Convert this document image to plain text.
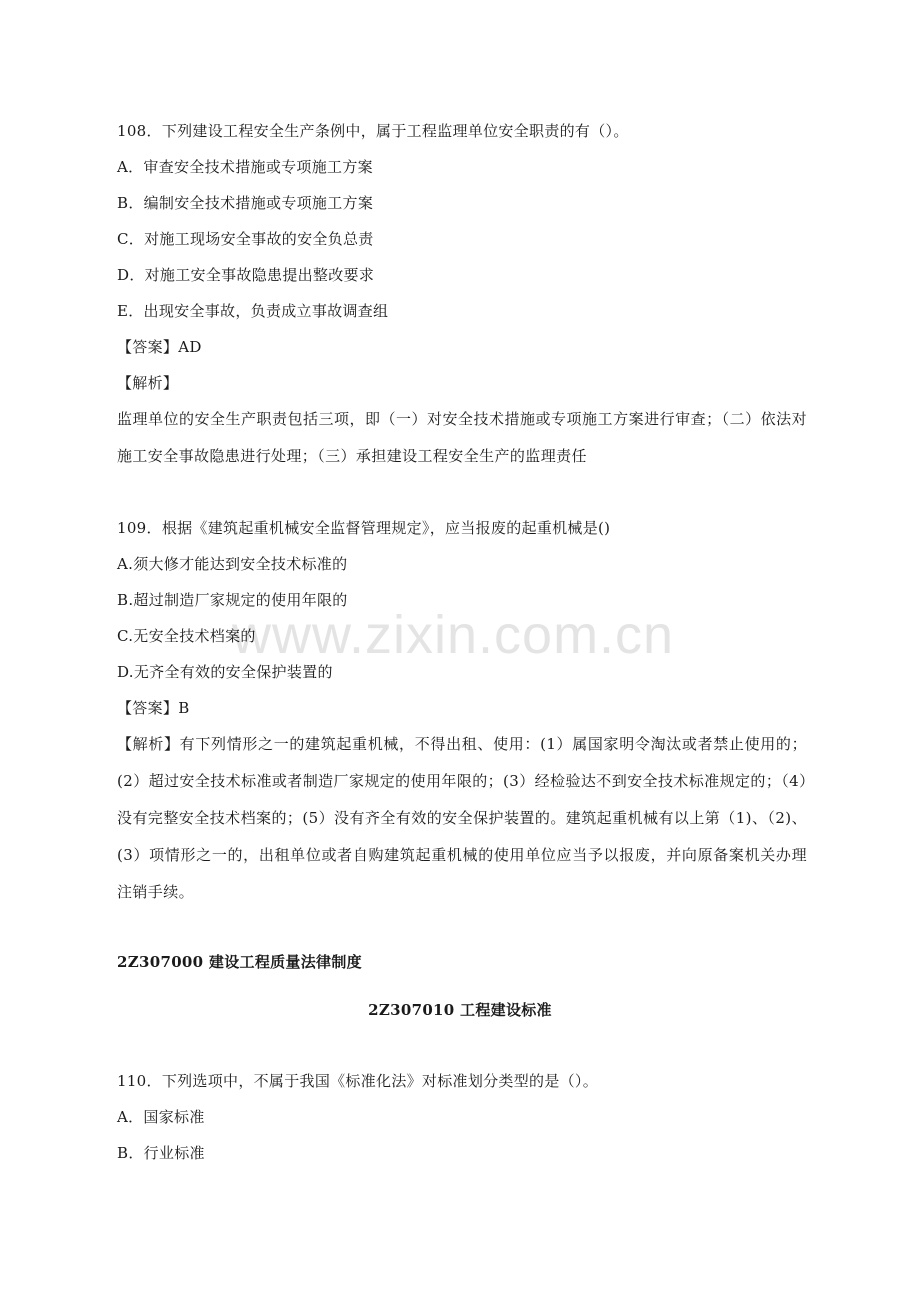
www.zixin.com.cn
108．下列建设工程安全生产条例中，属于工程监理单位安全职责的有（）。
A．审查安全技术措施或专项施工方案
B．编制安全技术措施或专项施工方案
C．对施工现场安全事故的安全负总责
D．对施工安全事故隐患提出整改要求
E．出现安全事故，负责成立事故调查组
【答案】AD
【解析】
监理单位的安全生产职责包括三项，即（一）对安全技术措施或专项施工方案进行审查；（二）依法对施工安全事故隐患进行处理；（三）承担建设工程安全生产的监理责任
109．根据《建筑起重机械安全监督管理规定》，应当报废的起重机械是()
A.须大修才能达到安全技术标准的
B.超过制造厂家规定的使用年限的
C.无安全技术档案的
D.无齐全有效的安全保护装置的
【答案】B
【解析】有下列情形之一的建筑起重机械，不得出租、使用：(1）属国家明令淘汰或者禁止使用的；(2）超过安全技术标准或者制造厂家规定的使用年限的；(3）经检验达不到安全技术标准规定的；（4）没有完整安全技术档案的；(5）没有齐全有效的安全保护装置的。建筑起重机械有以上第（1)、（2)、(3）项情形之一的，出租单位或者自购建筑起重机械的使用单位应当予以报废，并向原备案机关办理注销手续。
2Z307000 建设工程质量法律制度
2Z307010 工程建设标准
110．下列选项中，不属于我国《标准化法》对标准划分类型的是（）。
A．国家标准
B．行业标准
